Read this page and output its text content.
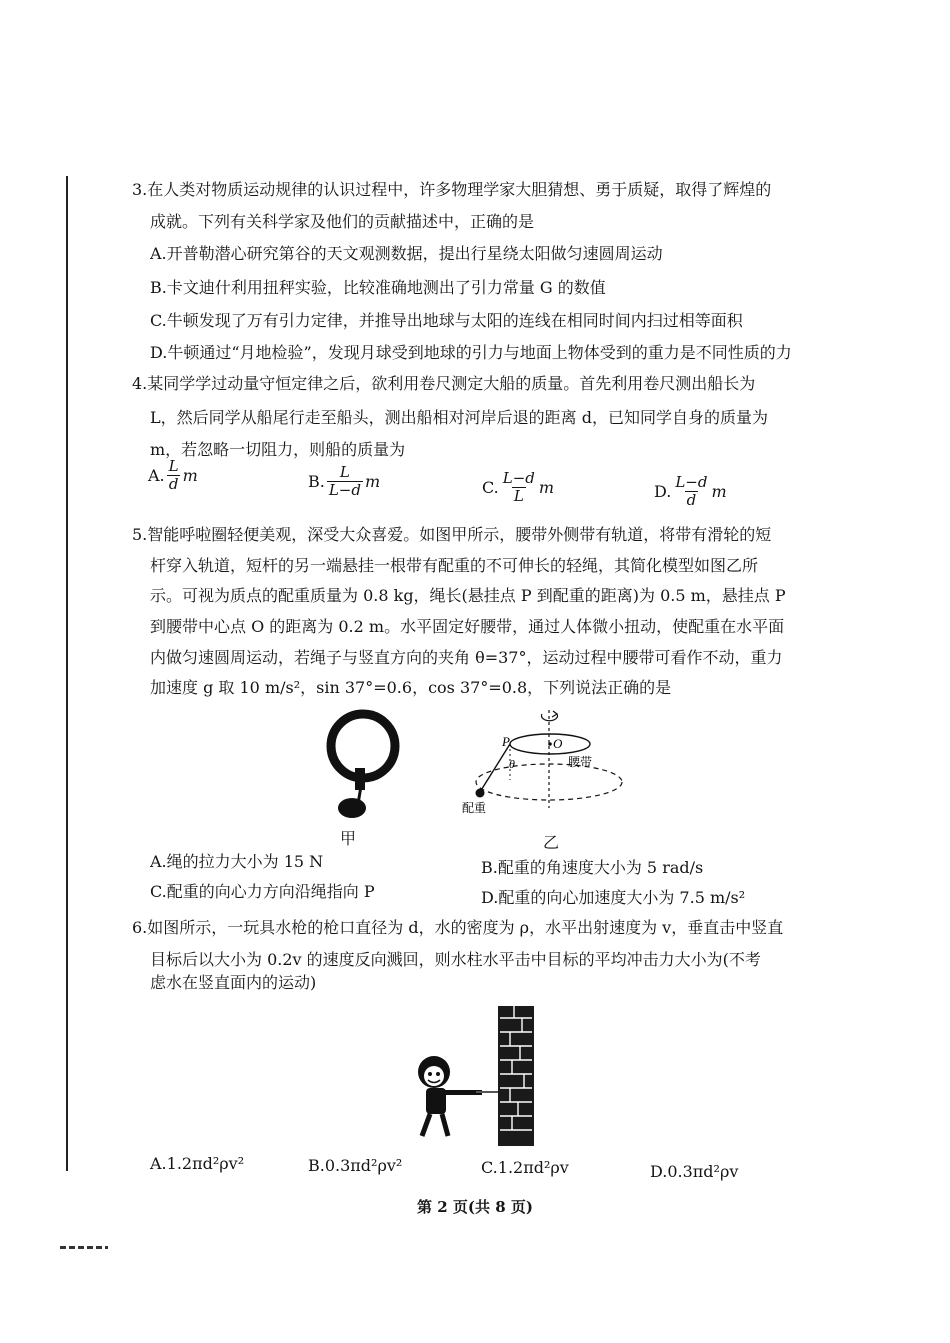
3.在人类对物质运动规律的认识过程中，许多物理学家大胆猜想、勇于质疑，取得了辉煌的
成就。下列有关科学家及他们的贡献描述中，正确的是
A.开普勒潜心研究第谷的天文观测数据，提出行星绕太阳做匀速圆周运动
B.卡文迪什利用扭秤实验，比较准确地测出了引力常量 G 的数值
C.牛顿发现了万有引力定律，并推导出地球与太阳的连线在相同时间内扫过相等面积
D.牛顿通过“月地检验”，发现月球受到地球的引力与地面上物体受到的重力是不同性质的力
4.某同学学过动量守恒定律之后，欲利用卷尺测定大船的质量。首先利用卷尺测出船长为
L，然后同学从船尾行走至船头，测出船相对河岸后退的距离 d，已知同学自身的质量为
m，若忽略一切阻力，则船的质量为
A. $\frac{L}{d}$ m	B. $\frac{L}{L-d}$ m	C. $\frac{L-d}{L}$ m	D. $\frac{L-d}{d}$ m
5.智能呼啦圈轻便美观，深受大众喜爱。如图甲所示，腰带外侧带有轨道，将带有滑轮的短
杆穿入轨道，短杆的另一端悬挂一根带有配重的不可伸长的轻绳，其简化模型如图乙所
示。可视为质点的配重质量为 0.8 kg，绳长(悬挂点 P 到配重的距离)为 0.5 m，悬挂点 P
到腰带中心点 O 的距离为 0.2 m。水平固定好腰带，通过人体微小扭动，使配重在水平面
内做匀速圆周运动，若绳子与竖直方向的夹角 θ=37°，运动过程中腰带可看作不动，重力
加速度 g 取 10 m/s²，sin 37°=0.6，cos 37°=0.8，下列说法正确的是
甲
P	O
θ	腰带
配重
乙
A.绳的拉力大小为 15 N	B.配重的角速度大小为 5 rad/s
C.配重的向心力方向沿绳指向 P	D.配重的向心加速度大小为 7.5 m/s²
6.如图所示，一玩具水枪的枪口直径为 d，水的密度为 ρ，水平出射速度为 v，垂直击中竖直
目标后以大小为 0.2v 的速度反向溅回，则水柱水平击中目标的平均冲击力大小为(不考
虑水在竖直面内的运动)
A.1.2πd²ρv²	B.0.3πd²ρv²	C.1.2πd²ρv	D.0.3πd²ρv
第 2 页(共 8 页)
